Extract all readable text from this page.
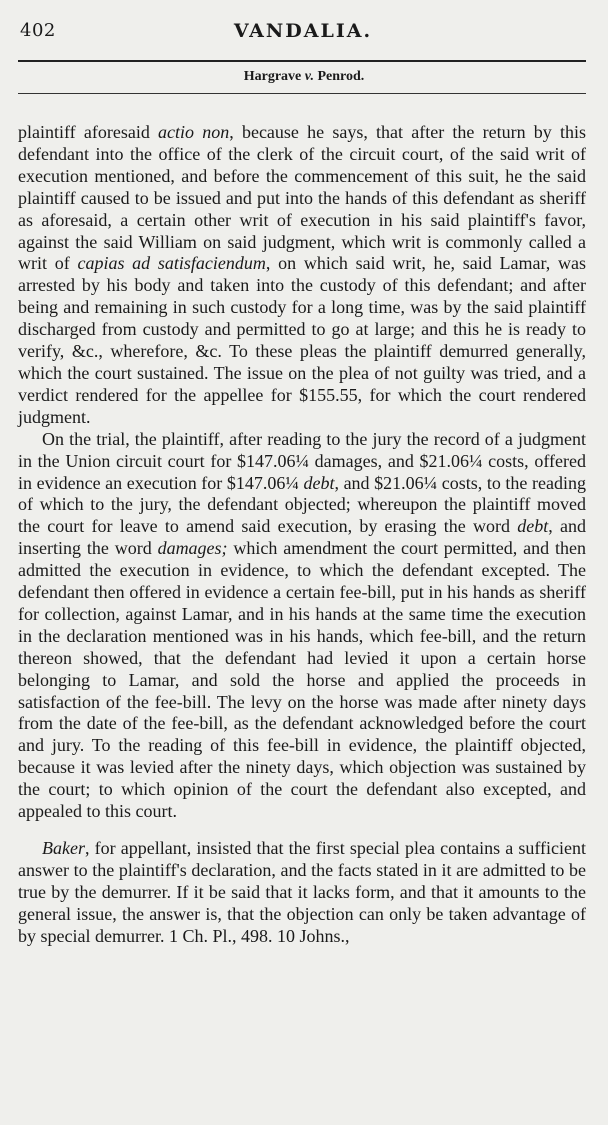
402	VANDALIA.
Hargrave v. Penrod.

plaintiff aforesaid actio non, because he says, that after the return by this defendant into the office of the clerk of the circuit court, of the said writ of execution mentioned, and before the commencement of this suit, he the said plaintiff caused to be issued and put into the hands of this defendant as sheriff as aforesaid, a certain other writ of execution in his said plaintiff's favor, against the said William on said judgment, which writ is commonly called a writ of capias ad satisfaciendum, on which said writ, he, said Lamar, was arrested by his body and taken into the custody of this defendant; and after being and remaining in such custody for a long time, was by the said plaintiff discharged from custody and permitted to go at large; and this he is ready to verify, &c., wherefore, &c. To these pleas the plaintiff demurred generally, which the court sustained. The issue on the plea of not guilty was tried, and a verdict rendered for the appellee for $155.55, for which the court rendered judgment.

On the trial, the plaintiff, after reading to the jury the record of a judgment in the Union circuit court for $147.06¼ damages, and $21.06¼ costs, offered in evidence an execution for $147.06¼ debt, and $21.06¼ costs, to the reading of which to the jury, the defendant objected; whereupon the plaintiff moved the court for leave to amend said execution, by erasing the word debt, and inserting the word damages; which amendment the court permitted, and then admitted the execution in evidence, to which the defendant excepted. The defendant then offered in evidence a certain fee-bill, put in his hands as sheriff for collection, against Lamar, and in his hands at the same time the execution in the declaration mentioned was in his hands, which fee-bill, and the return thereon showed, that the defendant had levied it upon a certain horse belonging to Lamar, and sold the horse and applied the proceeds in satisfaction of the fee-bill. The levy on the horse was made after ninety days from the date of the fee-bill, as the defendant acknowledged before the court and jury. To the reading of this fee-bill in evidence, the plaintiff objected, because it was levied after the ninety days, which objection was sustained by the court; to which opinion of the court the defendant also excepted, and appealed to this court.

Baker, for appellant, insisted that the first special plea contains a sufficient answer to the plaintiff's declaration, and the facts stated in it are admitted to be true by the demurrer. If it be said that it lacks form, and that it amounts to the general issue, the answer is, that the objection can only be taken advantage of by special demurrer. 1 Ch. Pl., 498. 10 Johns.,
